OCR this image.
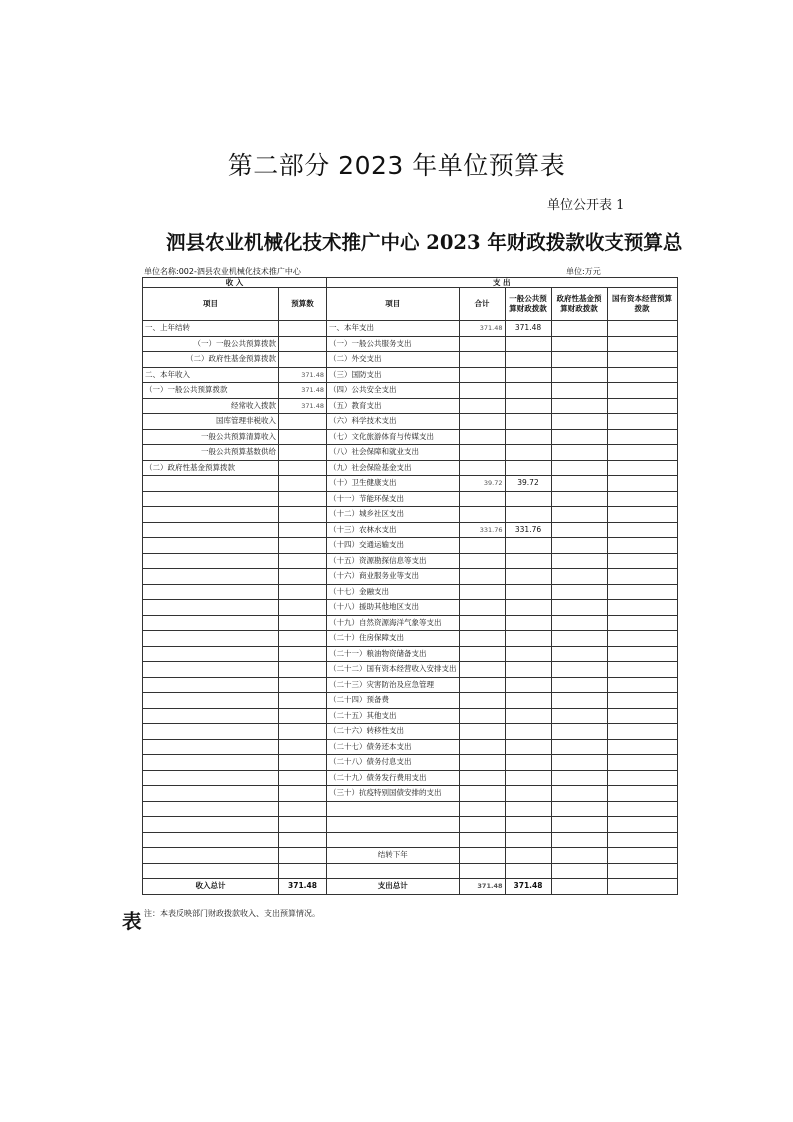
第二部分 2023 年单位预算表
单位公开表 1
泗县农业机械化技术推广中心 2023 年财政拨款收支预算总
单位名称:002-泗县农业机械化技术推广中心	单位:万元
收 入		支 出				
项目	预算数	项目	合计	一般公共预算财政拨款	政府性基金预算财政拨款	国有资本经营预算拨款
一、上年结转		一、本年支出	371.48	371.48		
（一）一般公共预算拨款		（一）一般公共服务支出				
（二）政府性基金预算拨款		（二）外交支出				
二、本年收入	371.48	（三）国防支出				
（一）一般公共预算拨款	371.48	（四）公共安全支出				
经常收入拨款	371.48	（五）教育支出				
国库管理非税收入		（六）科学技术支出				
一般公共预算清算收入		（七）文化旅游体育与传媒支出				
一般公共预算基数供给		（八）社会保障和就业支出				
（二）政府性基金预算拨款		（九）社会保险基金支出				
		（十）卫生健康支出	39.72	39.72		
		（十一）节能环保支出				
		（十二）城乡社区支出				
		（十三）农林水支出	331.76	331.76		
		（十四）交通运输支出				
		（十五）资源勘探信息等支出				
		（十六）商业服务业等支出				
		（十七）金融支出				
		（十八）援助其他地区支出				
		（十九）自然资源海洋气象等支出				
		（二十）住房保障支出				
		（二十一）粮油物资储备支出				
		（二十二）国有资本经营收入安排支出				
		（二十三）灾害防治及应急管理				
		（二十四）预备费				
		（二十五）其他支出				
		（二十六）转移性支出				
		（二十七）债务还本支出				
		（二十八）债务付息支出				
		（二十九）债务发行费用支出				
		（三十）抗疫特别国债安排的支出				

		结转下年				

收入总计	371.48	支出总计	371.48	371.48		
注：本表反映部门财政拨款收入、支出预算情况。
表
